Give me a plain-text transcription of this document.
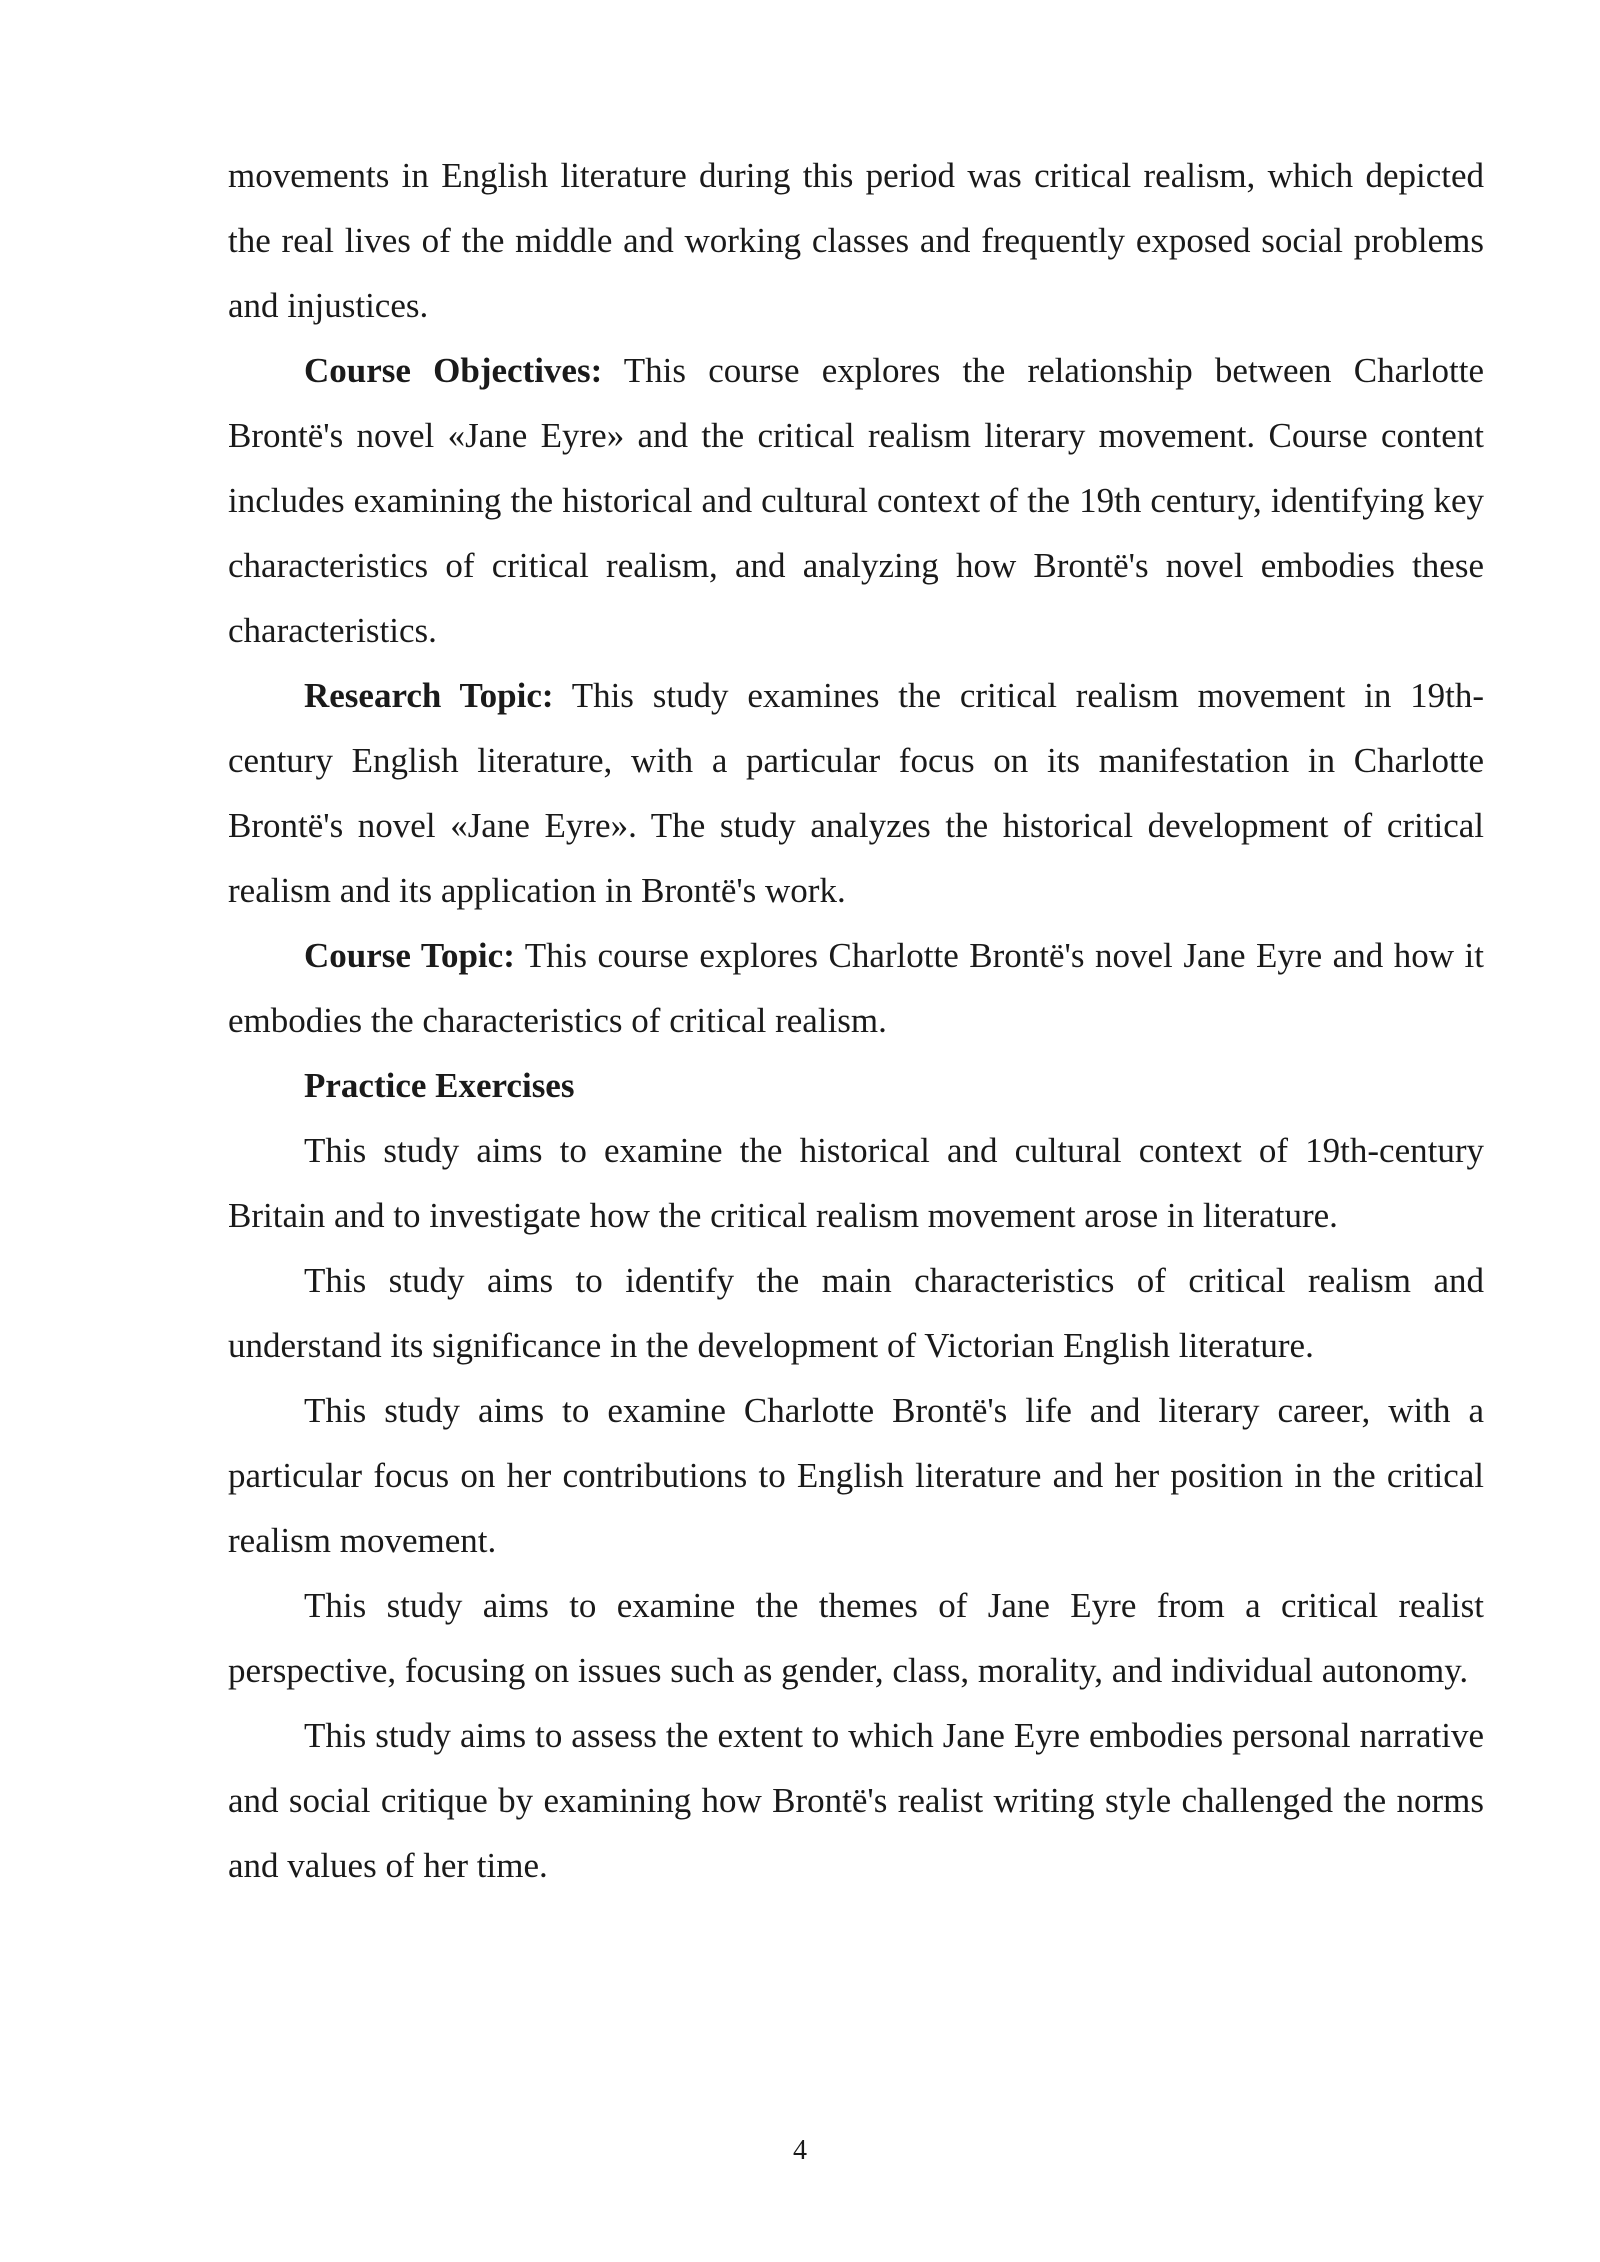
movements in English literature during this period was critical realism, which depicted the real lives of the middle and working classes and frequently exposed social problems and injustices.

Course Objectives: This course explores the relationship between Charlotte Brontë's novel «Jane Eyre» and the critical realism literary movement. Course content includes examining the historical and cultural context of the 19th century, identifying key characteristics of critical realism, and analyzing how Brontë's novel embodies these characteristics.

Research Topic: This study examines the critical realism movement in 19th-century English literature, with a particular focus on its manifestation in Charlotte Brontë's novel «Jane Eyre». The study analyzes the historical development of critical realism and its application in Brontë's work.

Course Topic: This course explores Charlotte Brontë's novel Jane Eyre and how it embodies the characteristics of critical realism.

Practice Exercises

This study aims to examine the historical and cultural context of 19th-century Britain and to investigate how the critical realism movement arose in literature.

This study aims to identify the main characteristics of critical realism and understand its significance in the development of Victorian English literature.

This study aims to examine Charlotte Brontë's life and literary career, with a particular focus on her contributions to English literature and her position in the critical realism movement.

This study aims to examine the themes of Jane Eyre from a critical realist perspective, focusing on issues such as gender, class, morality, and individual autonomy.

This study aims to assess the extent to which Jane Eyre embodies personal narrative and social critique by examining how Brontë's realist writing style challenged the norms and values of her time.

4
